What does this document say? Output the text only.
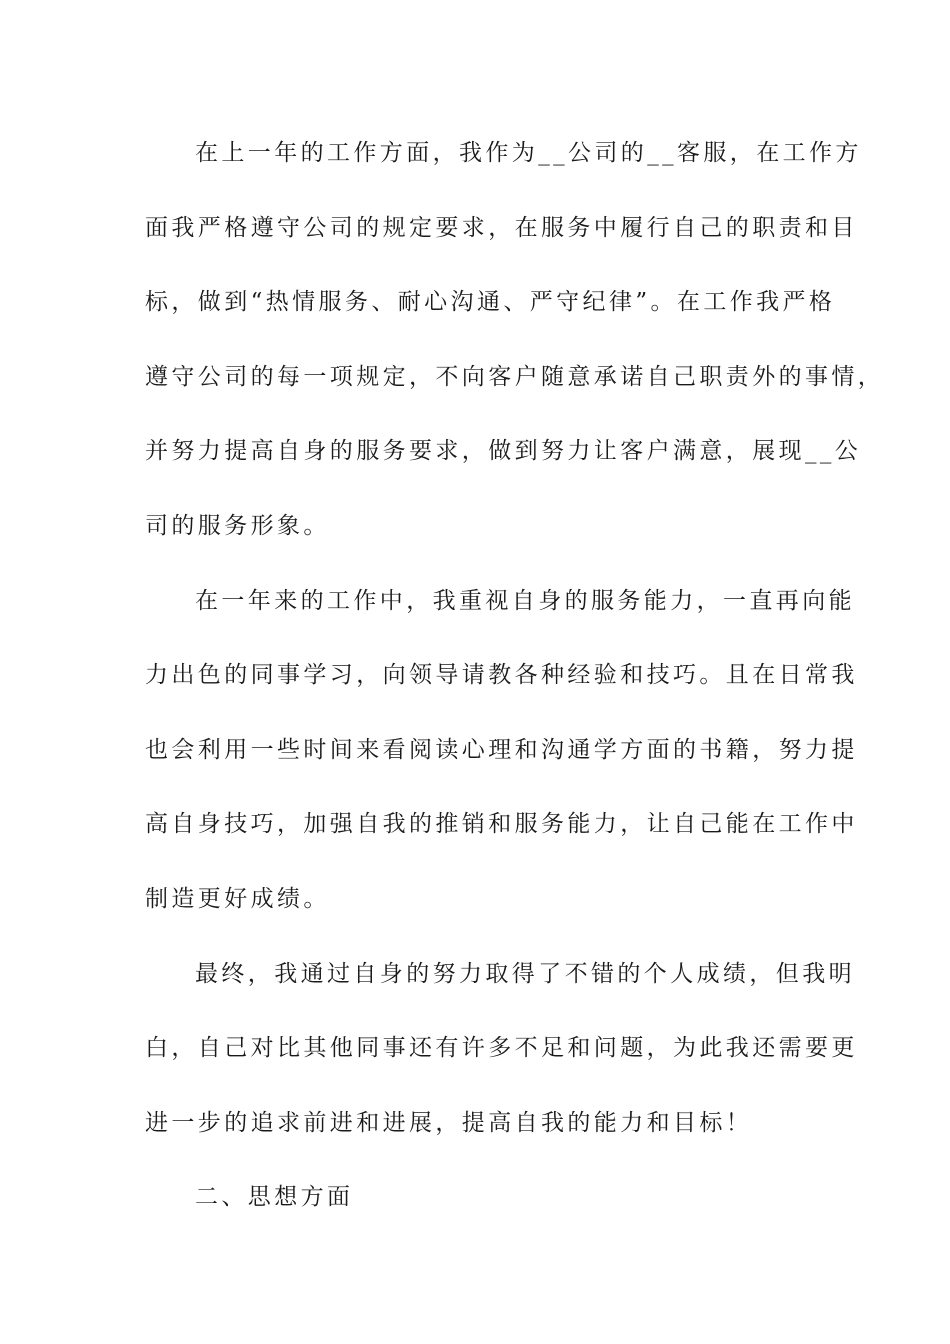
在上一年的工作方面，我作为__公司的__客服，在工作方
面我严格遵守公司的规定要求，在服务中履行自己的职责和目
标，做到“热情服务、耐心沟通、严守纪律”。在工作我严格
遵守公司的每一项规定，不向客户随意承诺自己职责外的事情，
并努力提高自身的服务要求，做到努力让客户满意，展现__公
司的服务形象。
在一年来的工作中，我重视自身的服务能力，一直再向能
力出色的同事学习，向领导请教各种经验和技巧。且在日常我
也会利用一些时间来看阅读心理和沟通学方面的书籍，努力提
高自身技巧，加强自我的推销和服务能力，让自己能在工作中
制造更好成绩。
最终，我通过自身的努力取得了不错的个人成绩，但我明
白，自己对比其他同事还有许多不足和问题，为此我还需要更
进一步的追求前进和进展，提高自我的能力和目标！
二、思想方面
